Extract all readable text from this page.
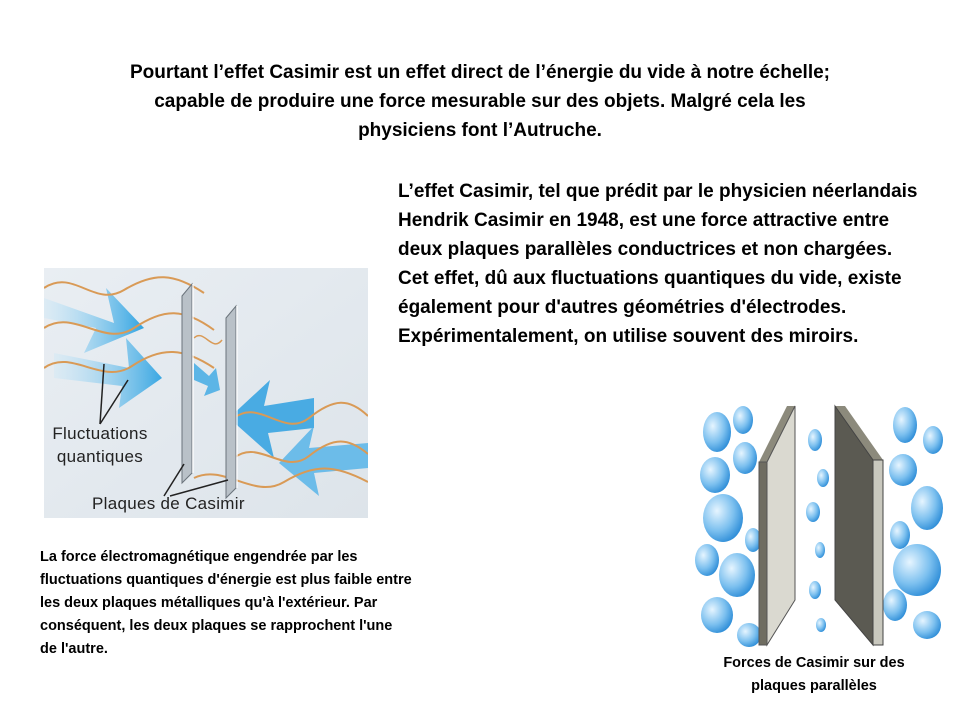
Pourtant l’effet Casimir est un effet direct de l’énergie du vide à notre échelle; capable de produire une force mesurable sur des objets. Malgré cela les physiciens font l’Autruche.
L’effet Casimir, tel que prédit par le physicien néerlandais Hendrik Casimir en 1948, est une force attractive entre deux plaques parallèles conductrices et non chargées. Cet effet, dû aux fluctuations quantiques du vide, existe également pour d'autres géométries d'électrodes. Expérimentalement, on utilise souvent des miroirs.
Fluctuations quantiques
Plaques de Casimir
La force électromagnétique engendrée par les fluctuations quantiques d'énergie est plus faible entre les deux plaques métalliques qu'à l'extérieur. Par conséquent, les deux plaques se rapprochent l'une de l'autre.
Forces de Casimir sur des plaques parallèles
